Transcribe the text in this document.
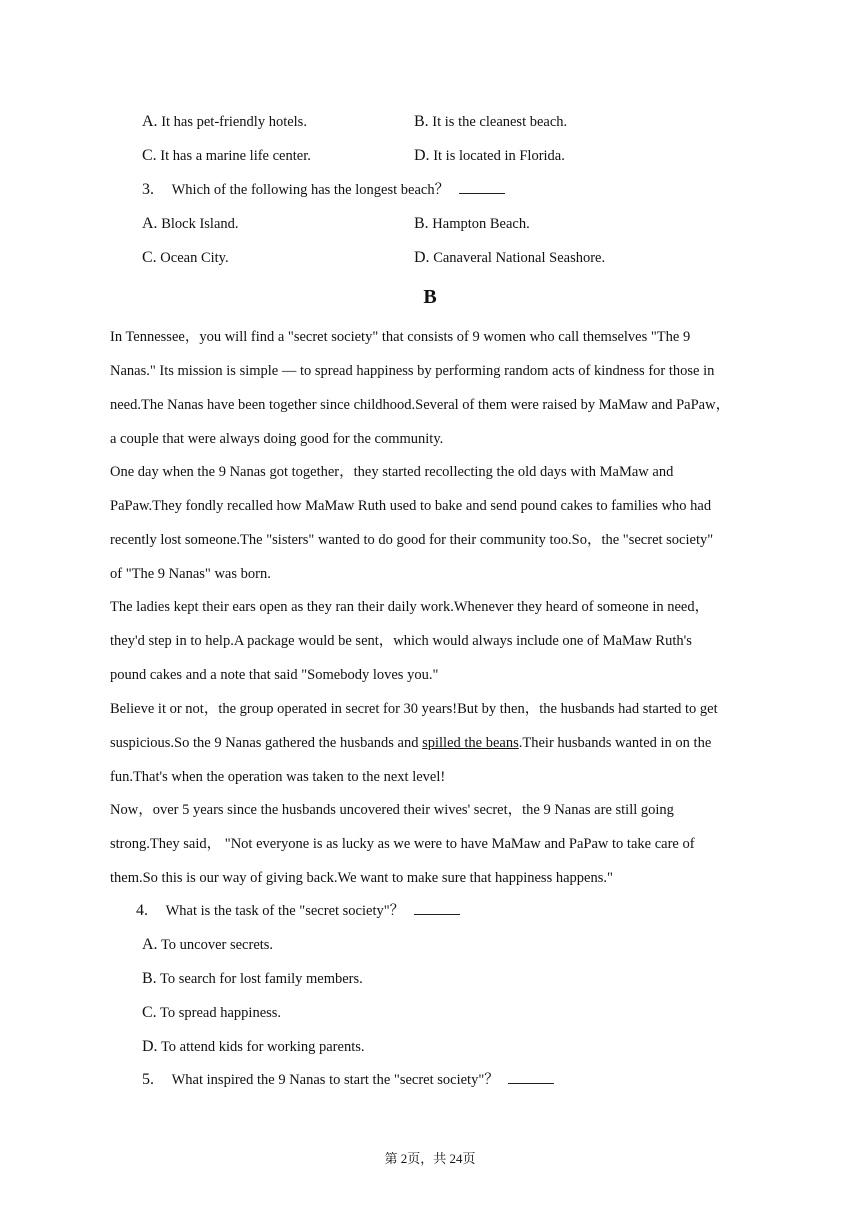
A. It has pet-friendly hotels.	B. It is the cleanest beach.
C. It has a marine life center.	D. It is located in Florida.
3. Which of the following has the longest beach？
A. Block Island.	B. Hampton Beach.
C. Ocean City.	D. Canaveral National Seashore.
B
In Tennessee，you will find a "secret society" that consists of 9 women who call themselves "The 9
Nanas." Its mission is simple — to spread happiness by performing random acts of kindness for those in
need.The Nanas have been together since childhood.Several of them were raised by MaMaw and PaPaw，
a couple that were always doing good for the community.
One day when the 9 Nanas got together，they started recollecting the old days with MaMaw and
PaPaw.They fondly recalled how MaMaw Ruth used to bake and send pound cakes to families who had
recently lost someone.The "sisters" wanted to do good for their community too.So，the "secret society"
of "The 9 Nanas" was born.
The ladies kept their ears open as they ran their daily work.Whenever they heard of someone in need，
they'd step in to help.A package would be sent，which would always include one of MaMaw Ruth's
pound cakes and a note that said "Somebody loves you."
Believe it or not，the group operated in secret for 30 years!But by then，the husbands had started to get
suspicious.So the 9 Nanas gathered the husbands and spilled the beans.Their husbands wanted in on the
fun.That's when the operation was taken to the next level!
Now，over 5 years since the husbands uncovered their wives' secret，the 9 Nanas are still going
strong.They said， "Not everyone is as lucky as we were to have MaMaw and PaPaw to take care of
them.So this is our way of giving back.We want to make sure that happiness happens."
4. What is the task of the "secret society"？
A. To uncover secrets.
B. To search for lost family members.
C. To spread happiness.
D. To attend kids for working parents.
5. What inspired the 9 Nanas to start the "secret society"？
第 2页，共 24页
